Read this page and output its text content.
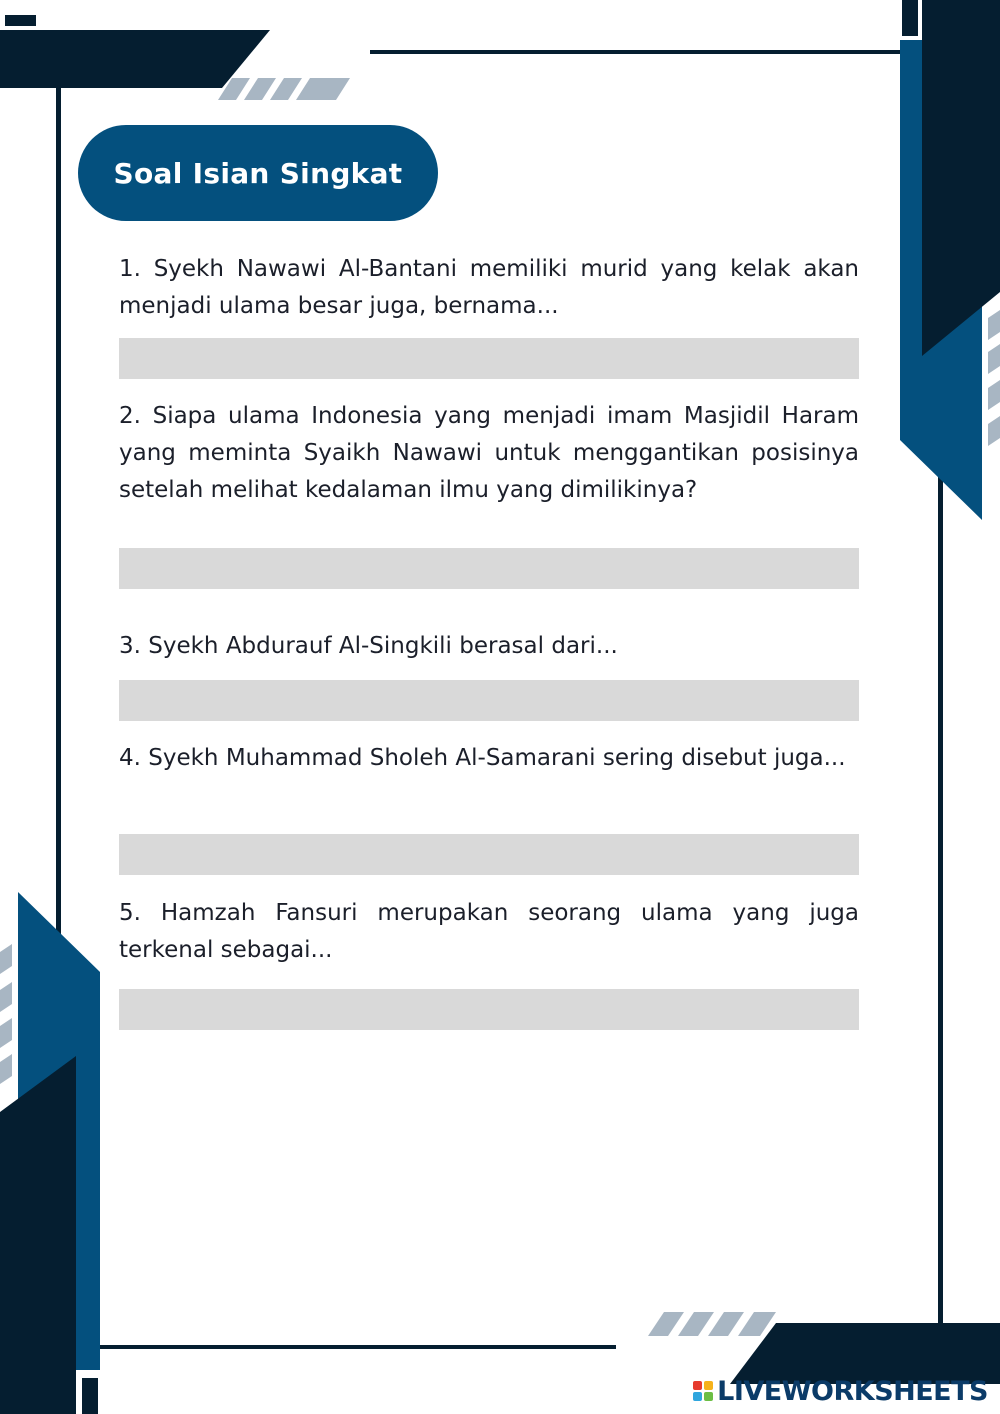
Soal Isian Singkat
1. Syekh Nawawi Al-Bantani memiliki murid yang kelak akan menjadi ulama besar juga, bernama...
2. Siapa ulama Indonesia yang menjadi imam Masjidil Haram yang meminta Syaikh Nawawi untuk menggantikan posisinya setelah melihat kedalaman ilmu yang dimilikinya?
3. Syekh Abdurauf Al-Singkili berasal dari...
4. Syekh Muhammad Sholeh Al-Samarani sering disebut juga...
5. Hamzah Fansuri merupakan seorang ulama yang juga terkenal sebagai...
LIVEWORKSHEETS
